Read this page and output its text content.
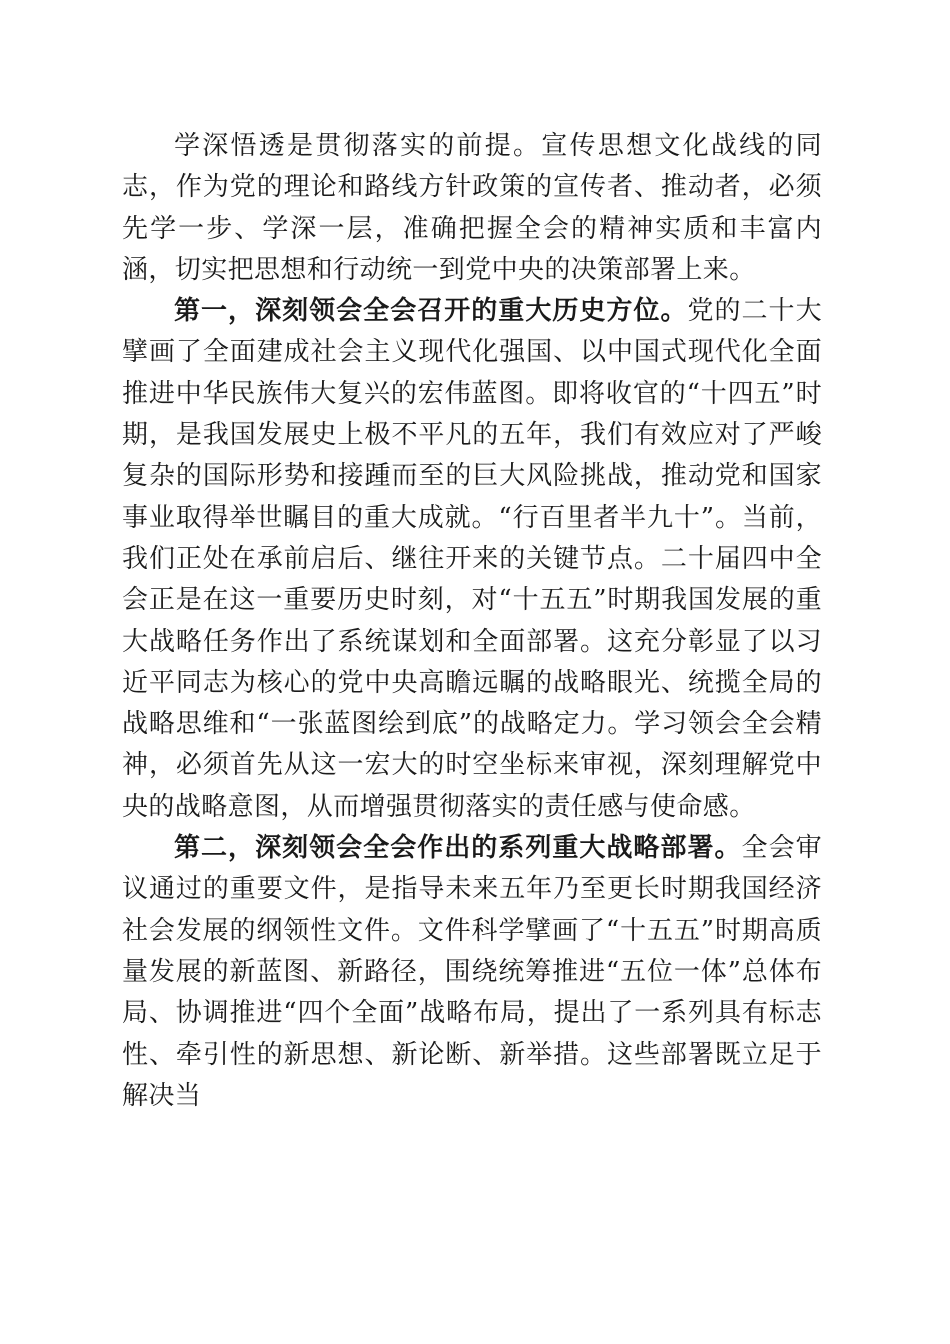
学深悟透是贯彻落实的前提。宣传思想文化战线的同志，作为党的理论和路线方针政策的宣传者、推动者，必须先学一步、学深一层，准确把握全会的精神实质和丰富内涵，切实把思想和行动统一到党中央的决策部署上来。

第一，深刻领会全会召开的重大历史方位。党的二十大擘画了全面建成社会主义现代化强国、以中国式现代化全面推进中华民族伟大复兴的宏伟蓝图。即将收官的“十四五”时期，是我国发展史上极不平凡的五年，我们有效应对了严峻复杂的国际形势和接踵而至的巨大风险挑战，推动党和国家事业取得举世瞩目的重大成就。“行百里者半九十”。当前，我们正处在承前启后、继往开来的关键节点。二十届四中全会正是在这一重要历史时刻，对“十五五”时期我国发展的重大战略任务作出了系统谋划和全面部署。这充分彰显了以习近平同志为核心的党中央高瞻远瞩的战略眼光、统揽全局的战略思维和“一张蓝图绘到底”的战略定力。学习领会全会精神，必须首先从这一宏大的时空坐标来审视，深刻理解党中央的战略意图，从而增强贯彻落实的责任感与使命感。

第二，深刻领会全会作出的系列重大战略部署。全会审议通过的重要文件，是指导未来五年乃至更长时期我国经济社会发展的纲领性文件。文件科学擘画了“十五五”时期高质量发展的新蓝图、新路径，围绕统筹推进“五位一体”总体布局、协调推进“四个全面”战略布局，提出了一系列具有标志性、牵引性的新思想、新论断、新举措。这些部署既立足于解决当
